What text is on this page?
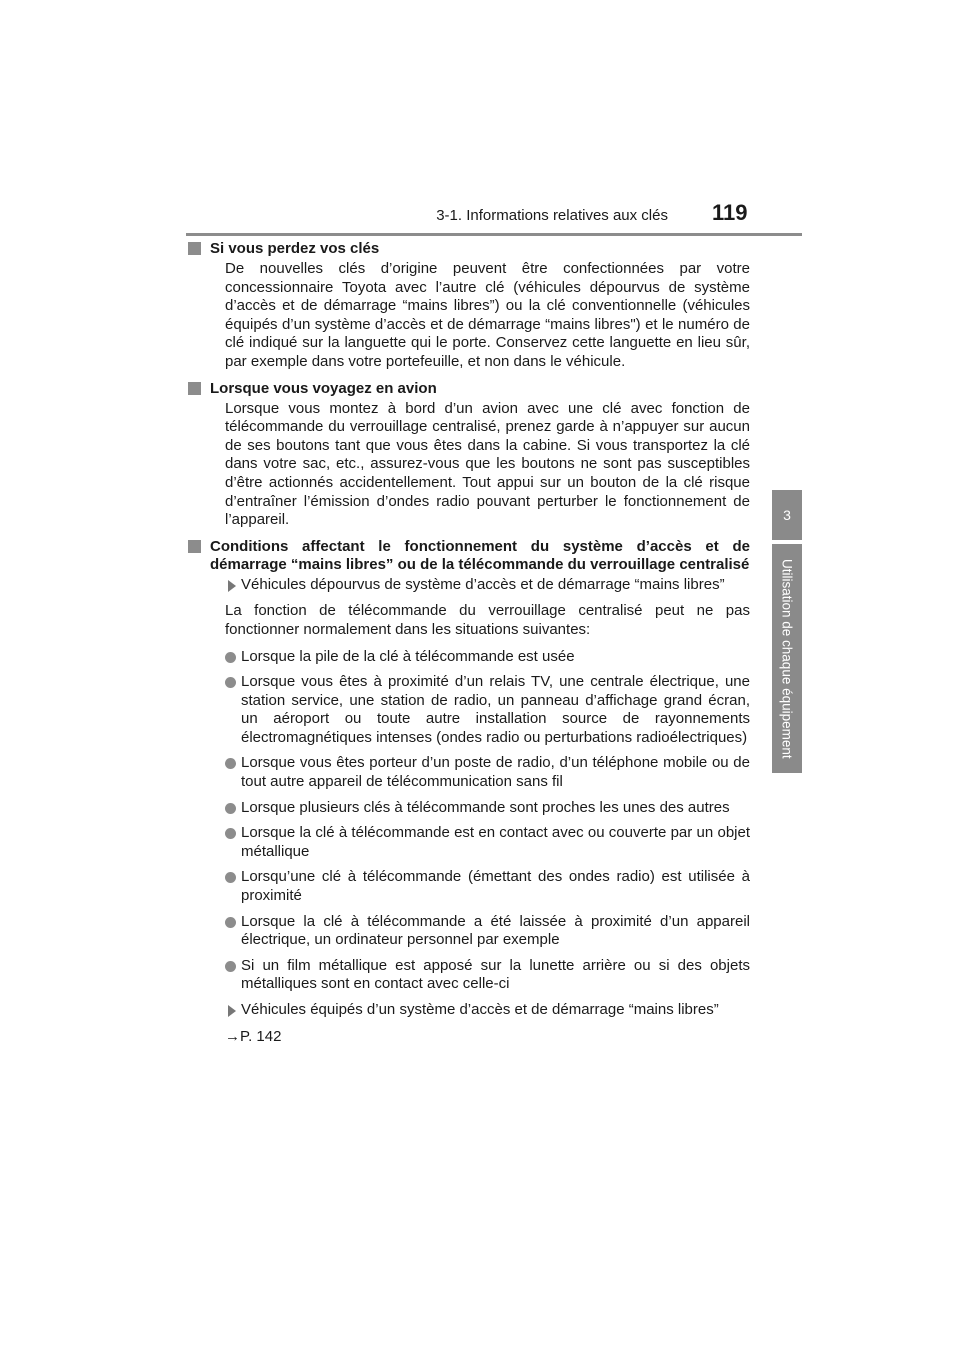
3-1. Informations relatives aux clés 119
3
Utilisation de chaque équipement
Si vous perdez vos clés
De nouvelles clés d’origine peuvent être confectionnées par votre concessionnaire Toyota avec l’autre clé (véhicules dépourvus de système d’accès et de démarrage “mains libres”) ou la clé conventionnelle (véhicules équipés d’un système d’accès et de démarrage “mains libres") et le numéro de clé indiqué sur la languette qui le porte. Conservez cette languette en lieu sûr, par exemple dans votre portefeuille, et non dans le véhicule.
Lorsque vous voyagez en avion
Lorsque vous montez à bord d’un avion avec une clé avec fonction de télécommande du verrouillage centralisé, prenez garde à n’appuyer sur aucun de ses boutons tant que vous êtes dans la cabine. Si vous transportez la clé dans votre sac, etc., assurez-vous que les boutons ne sont pas susceptibles d’être actionnés accidentellement. Tout appui sur un bouton de la clé risque d’entraîner l’émission d’ondes radio pouvant perturber le fonctionnement de l’appareil.
Conditions affectant le fonctionnement du système d’accès et de démarrage “mains libres” ou de la télécommande du verrouillage centralisé
Véhicules dépourvus de système d’accès et de démarrage “mains libres”
La fonction de télécommande du verrouillage centralisé peut ne pas fonctionner normalement dans les situations suivantes:
Lorsque la pile de la clé à télécommande est usée
Lorsque vous êtes à proximité d’un relais TV, une centrale électrique, une station service, une station de radio, un panneau d’affichage grand écran, un aéroport ou toute autre installation source de rayonnements électromagnétiques intenses (ondes radio ou perturbations radioélectriques)
Lorsque vous êtes porteur d’un poste de radio, d’un téléphone mobile ou de tout autre appareil de télécommunication sans fil
Lorsque plusieurs clés à télécommande sont proches les unes des autres
Lorsque la clé à télécommande est en contact avec ou couverte par un objet métallique
Lorsqu’une clé à télécommande (émettant des ondes radio) est utilisée à proximité
Lorsque la clé à télécommande a été laissée à proximité d’un appareil électrique, un ordinateur personnel par exemple
Si un film métallique est apposé sur la lunette arrière ou si des objets métalliques sont en contact avec celle-ci
Véhicules équipés d’un système d’accès et de démarrage “mains libres”
→P. 142
